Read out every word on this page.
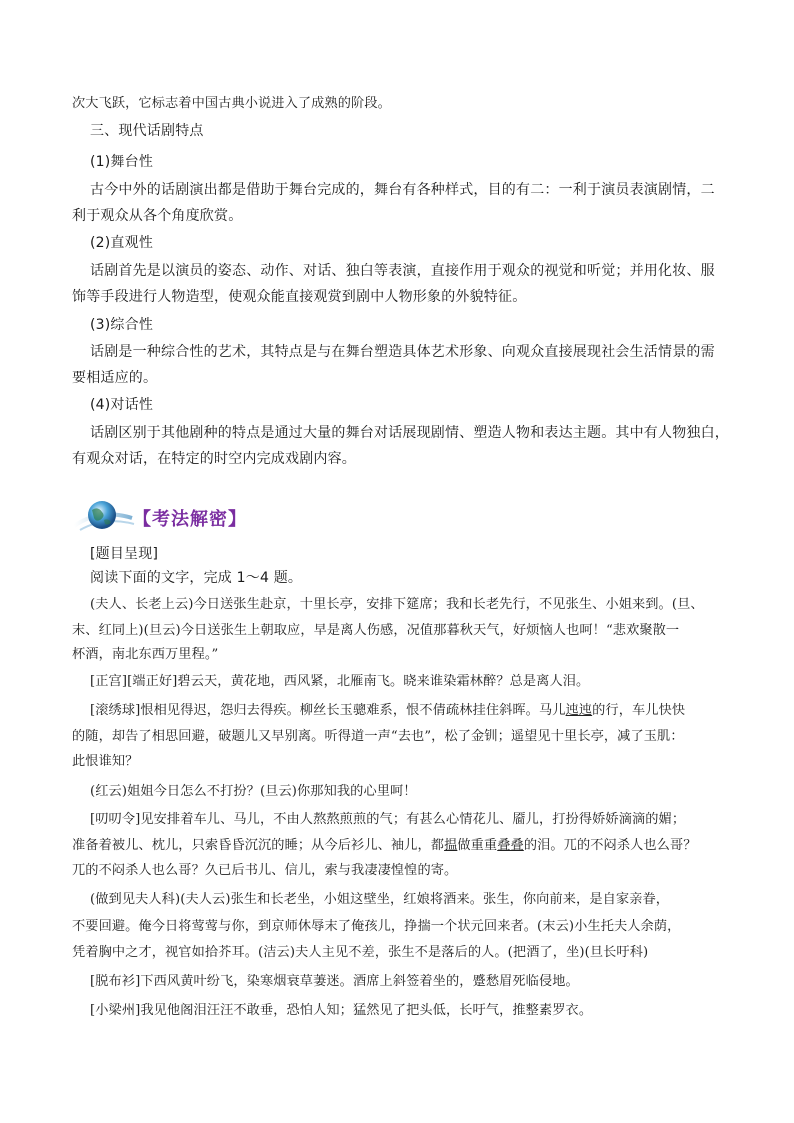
次大飞跃，它标志着中国古典小说进入了成熟的阶段。
三、现代话剧特点
(1)舞台性
古今中外的话剧演出都是借助于舞台完成的，舞台有各种样式，目的有二：一利于演员表演剧情，二
利于观众从各个角度欣赏。
(2)直观性
话剧首先是以演员的姿态、动作、对话、独白等表演，直接作用于观众的视觉和听觉；并用化妆、服
饰等手段进行人物造型，使观众能直接观赏到剧中人物形象的外貌特征。
(3)综合性
话剧是一种综合性的艺术，其特点是与在舞台塑造具体艺术形象、向观众直接展现社会生活情景的需
要相适应的。
(4)对话性
话剧区别于其他剧种的特点是通过大量的舞台对话展现剧情、塑造人物和表达主题。其中有人物独白，
有观众对话，在特定的时空内完成戏剧内容。
【考法解密】
[题目呈现]
阅读下面的文字，完成 1～4 题。
(夫人、长老上云)今日送张生赴京，十里长亭，安排下筵席；我和长老先行，不见张生、小姐来到。(旦、
末、红同上)(旦云)今日送张生上朝取应，早是离人伤感，况值那暮秋天气，好烦恼人也呵！“悲欢聚散一
杯酒，南北东西万里程。”
[正宫][端正好]碧云天，黄花地，西风紧，北雁南飞。晓来谁染霜林醉？总是离人泪。
[滚绣球]恨相见得迟，怨归去得疾。柳丝长玉骢难系，恨不倩疏林挂住斜晖。马儿迍迍的行，车儿快快
的随，却告了相思回避，破题儿又早别离。听得道一声“去也”，松了金钏；遥望见十里长亭，减了玉肌：
此恨谁知？
(红云)姐姐今日怎么不打扮？(旦云)你那知我的心里呵！
[叨叨令]见安排着车儿、马儿，不由人熬熬煎煎的气；有甚么心情花儿、靥儿，打扮得娇娇滴滴的媚；
准备着被儿、枕儿，只索昏昏沉沉的睡；从今后衫儿、袖儿，都揾做重重叠叠的泪。兀的不闷杀人也么哥？
兀的不闷杀人也么哥？久已后书儿、信儿，索与我凄凄惶惶的寄。
(做到见夫人科)(夫人云)张生和长老坐，小姐这壁坐，红娘将酒来。张生，你向前来，是自家亲眷，
不要回避。俺今日将莺莺与你，到京师休辱末了俺孩儿，挣揣一个状元回来者。(末云)小生托夫人余荫，
凭着胸中之才，视官如拾芥耳。(洁云)夫人主见不差，张生不是落后的人。(把酒了，坐)(旦长吁科)
[脱布衫]下西风黄叶纷飞，染寒烟衰草萋迷。酒席上斜签着坐的，蹙愁眉死临侵地。
[小梁州]我见他阁泪汪汪不敢垂，恐怕人知；猛然见了把头低，长吁气，推整素罗衣。
